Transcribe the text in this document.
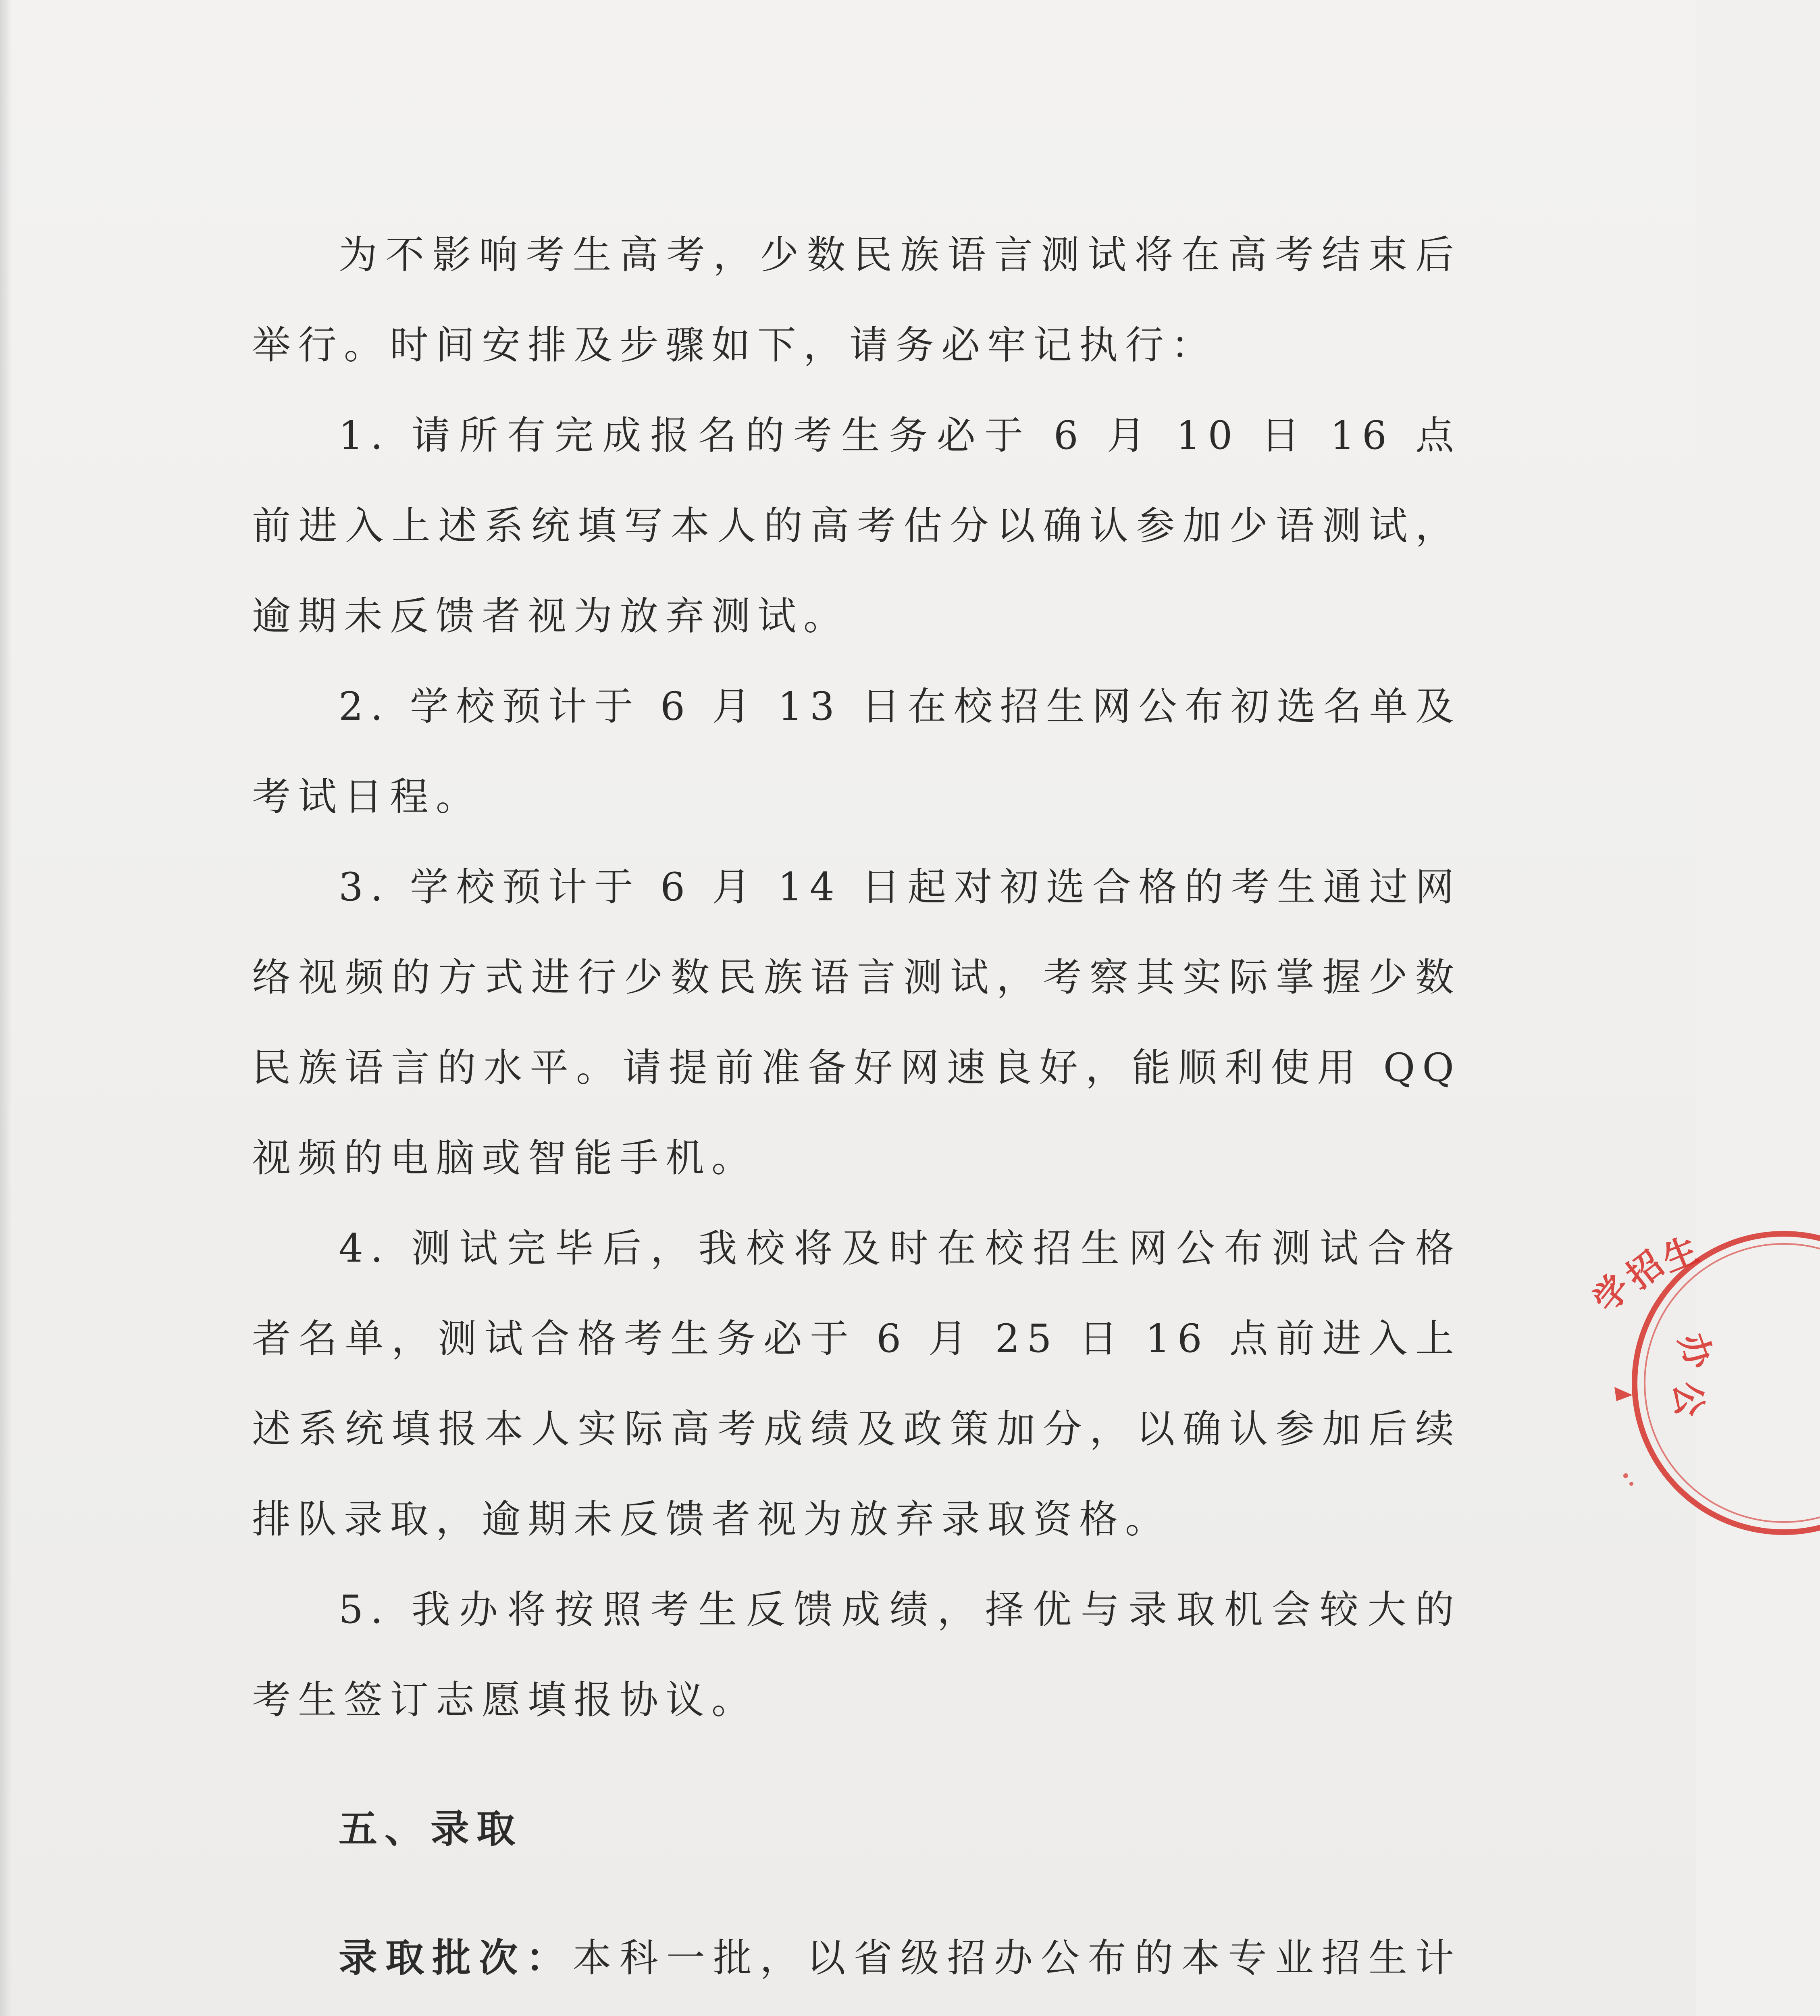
为不影响考生高考，少数民族语言测试将在高考结束后举行。时间安排及步骤如下，请务必牢记执行：

1. 请所有完成报名的考生务必于 6 月 10 日 16 点前进入上述系统填写本人的高考估分以确认参加少语测试，逾期未反馈者视为放弃测试。

2. 学校预计于 6 月 13 日在校招生网公布初选名单及考试日程。

3. 学校预计于 6 月 14 日起对初选合格的考生通过网络视频的方式进行少数民族语言测试，考察其实际掌握少数民族语言的水平。请提前准备好网速良好，能顺利使用 QQ 视频的电脑或智能手机。

4. 测试完毕后，我校将及时在校招生网公布测试合格者名单，测试合格考生务必于 6 月 25 日 16 点前进入上述系统填报本人实际高考成绩及政策加分，以确认参加后续排队录取，逾期未反馈者视为放弃录取资格。

5. 我办将按照考生反馈成绩，择优与录取机会较大的考生签订志愿填报协议。

五、录取

录取批次：本科一批，以省级招办公布的本专业招生计

学
招
生
办
公
